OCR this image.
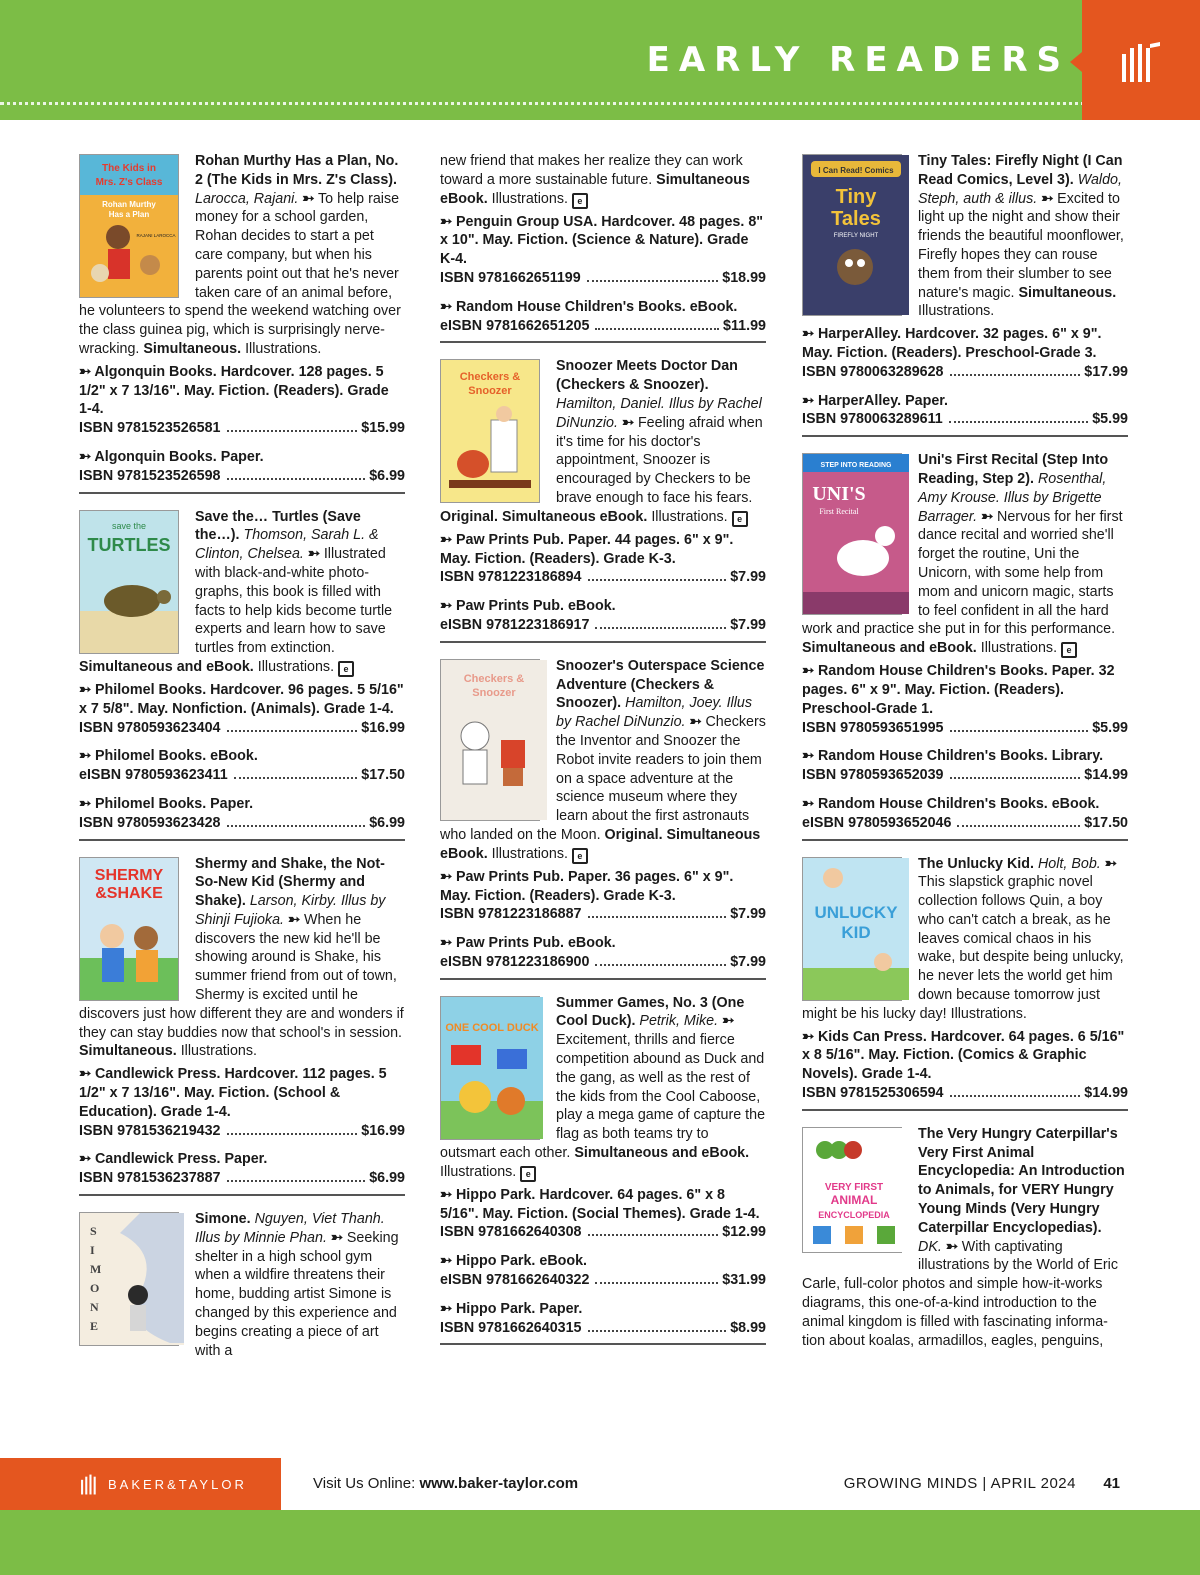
EARLY READERS
The Kids in
Mrs. Z's Class
Rohan Murthy
Has a Plan
RAJANI LAROCCA
Rohan Murthy Has a Plan, No. 2 (The Kids in Mrs. Z's Class). Larocca, Rajani. ➳ To help raise money for a school garden, Rohan decides to start a pet care company, but when his parents point out that he's never taken care of an animal before, he volunteers to spend the weekend watching over the class guinea pig, which is surprisingly nerve-wracking. Simultaneous. Illustrations.
➳ Algonquin Books. Hardcover. 128 pages. 5 1/2" x 7 13/16". May. Fiction. (Readers). Grade 1-4.
ISBN 9781523526581	$15.99
➳ Algonquin Books. Paper.
ISBN 9781523526598	$6.99
save the
TURTLES
Save the… Turtles (Save the…). Thomson, Sarah L. & Clinton, Chelsea. ➳ Illustrated with black-and-white photo-graphs, this book is filled with facts to help kids become turtle experts and learn how to save turtles from extinction. Simultaneous and eBook. Illustrations. e
➳ Philomel Books. Hardcover. 96 pages. 5 5/16" x 7 5/8". May. Nonfiction. (Animals). Grade 1-4.
ISBN 9780593623404	$16.99
➳ Philomel Books. eBook.
eISBN 9780593623411	$17.50
➳ Philomel Books. Paper.
ISBN 9780593623428	$6.99
SHERMY
&SHAKE
Shermy and Shake, the Not-So-New Kid (Shermy and Shake). Larson, Kirby. Illus by Shinji Fujioka. ➳ When he discovers the new kid he'll be showing around is Shake, his summer friend from out of town, Shermy is excited until he discovers just how different they are and wonders if they can stay buddies now that school's in session. Simultaneous. Illustrations.
➳ Candlewick Press. Hardcover. 112 pages. 5 1/2" x 7 13/16". May. Fiction. (School & Education). Grade 1-4.
ISBN 9781536219432	$16.99
➳ Candlewick Press. Paper.
ISBN 9781536237887	$6.99
S
I
M
O
N
E
Simone. Nguyen, Viet Thanh. Illus by Minnie Phan. ➳ Seeking shelter in a high school gym when a wildfire threatens their home, budding artist Simone is changed by this experience and begins creating a piece of art with a
new friend that makes her realize they can work toward a more sustainable future. Simultaneous eBook. Illustrations. e
➳ Penguin Group USA. Hardcover. 48 pages. 8" x 10". May. Fiction. (Science & Nature). Grade K-4.
ISBN 9781662651199	$18.99
➳ Random House Children's Books. eBook.
eISBN 9781662651205	$11.99
Checkers &
Snoozer
Snoozer Meets Doctor Dan (Checkers & Snoozer). Hamilton, Daniel. Illus by Rachel DiNunzio. ➳ Feeling afraid when it's time for his doctor's appointment, Snoozer is encouraged by Checkers to be brave enough to face his fears. Original. Simultaneous eBook. Illustrations. e
➳ Paw Prints Pub. Paper. 44 pages. 6" x 9". May. Fiction. (Readers). Grade K-3.
ISBN 9781223186894	$7.99
➳ Paw Prints Pub. eBook.
eISBN 9781223186917	$7.99
Checkers &
Snoozer
Snoozer's Outerspace Science Adventure (Checkers & Snoozer). Hamilton, Joey. Illus by Rachel DiNunzio. ➳ Checkers the Inventor and Snoozer the Robot invite readers to join them on a space adventure at the science museum where they learn about the first astronauts who landed on the Moon. Original. Simultaneous eBook. Illustrations. e
➳ Paw Prints Pub. Paper. 36 pages. 6" x 9". May. Fiction. (Readers). Grade K-3.
ISBN 9781223186887	$7.99
➳ Paw Prints Pub. eBook.
eISBN 9781223186900	$7.99
ONE COOL DUCK
Summer Games, No. 3 (One Cool Duck). Petrik, Mike. ➳ Excitement, thrills and fierce competition abound as Duck and the gang, as well as the rest of the kids from the Cool Caboose, play a mega game of capture the flag as both teams try to outsmart each other. Simultaneous and eBook. Illustrations. e
➳ Hippo Park. Hardcover. 64 pages. 6" x 8 5/16". May. Fiction. (Social Themes). Grade 1-4.
ISBN 9781662640308	$12.99
➳ Hippo Park. eBook.
eISBN 9781662640322	$31.99
➳ Hippo Park. Paper.
ISBN 9781662640315	$8.99
I Can Read! Comics
Tiny
Tales
FIREFLY NIGHT
Tiny Tales: Firefly Night (I Can Read Comics, Level 3). Waldo, Steph, auth & illus. ➳ Excited to light up the night and show their friends the beautiful moonflower, Firefly hopes they can rouse them from their slumber to see nature's magic. Simultaneous. Illustrations.
➳ HarperAlley. Hardcover. 32 pages. 6" x 9". May. Fiction. (Readers). Preschool-Grade 3.
ISBN 9780063289628	$17.99
➳ HarperAlley. Paper.
ISBN 9780063289611	$5.99
STEP INTO READING
UNI'S
First Recital
Uni's First Recital (Step Into Reading, Step 2). Rosenthal, Amy Krouse. Illus by Brigette Barrager. ➳ Nervous for her first dance recital and worried she'll forget the routine, Uni the Unicorn, with some help from mom and unicorn magic, starts to feel confident in all the hard work and practice she put in for this performance. Simultaneous and eBook. Illustrations. e
➳ Random House Children's Books. Paper. 32 pages. 6" x 9". May. Fiction. (Readers). Preschool-Grade 1.
ISBN 9780593651995	$5.99
➳ Random House Children's Books. Library.
ISBN 9780593652039	$14.99
➳ Random House Children's Books. eBook.
eISBN 9780593652046	$17.50
UNLUCKY
KID
The Unlucky Kid. Holt, Bob. ➳ This slapstick graphic novel collection follows Quin, a boy who can't catch a break, as he leaves comical chaos in his wake, but despite being unlucky, he never lets the world get him down because tomorrow just might be his lucky day! Illustrations.
➳ Kids Can Press. Hardcover. 64 pages. 6 5/16" x 8 5/16". May. Fiction. (Comics & Graphic Novels). Grade 1-4.
ISBN 9781525306594	$14.99
VERY FIRST
ANIMAL
ENCYCLOPEDIA
The Very Hungry Caterpillar's Very First Animal Encyclopedia: An Introduction to Animals, for VERY Hungry Young Minds (Very Hungry Caterpillar Encyclopedias). DK. ➳ With captivating illustrations by the World of Eric Carle, full-color photos and simple how-it-works diagrams, this one-of-a-kind introduction to the animal kingdom is filled with fascinating informa-tion about koalas, armadillos, eagles, penguins,
BAKER&TAYLOR	Visit Us Online: www.baker-taylor.com	GROWING MINDS | APRIL 2024 41
